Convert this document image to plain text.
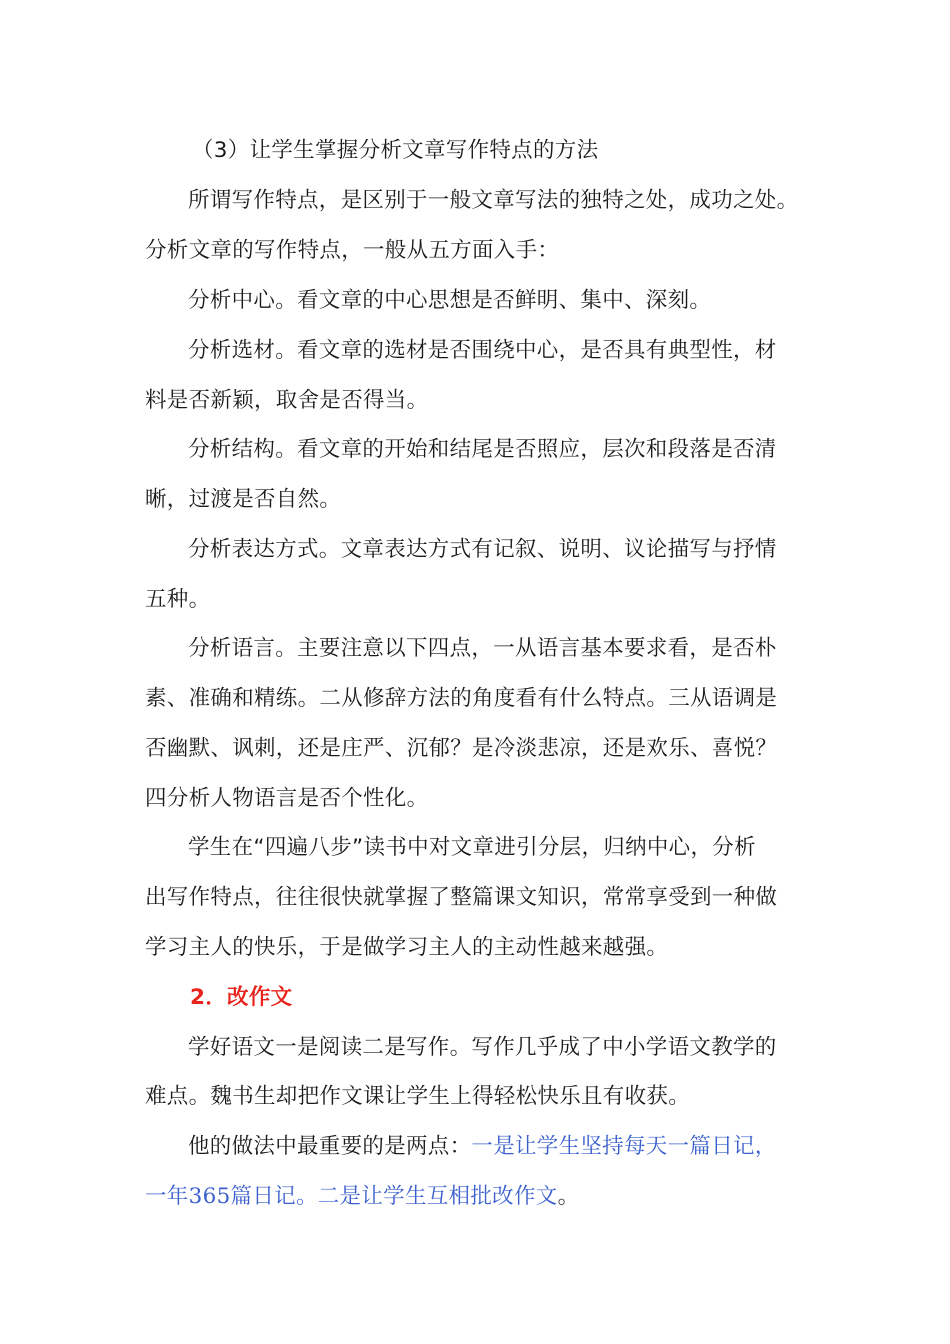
（3）让学生掌握分析文章写作特点的方法
所谓写作特点，是区别于一般文章写法的独特之处，成功之处。
分析文章的写作特点，一般从五方面入手：
分析中心。看文章的中心思想是否鲜明、集中、深刻。
分析选材。看文章的选材是否围绕中心，是否具有典型性，材
料是否新颖，取舍是否得当。
分析结构。看文章的开始和结尾是否照应，层次和段落是否清
晰，过渡是否自然。
分析表达方式。文章表达方式有记叙、说明、议论描写与抒情
五种。
分析语言。主要注意以下四点，一从语言基本要求看，是否朴
素、准确和精练。二从修辞方法的角度看有什么特点。三从语调是
否幽默、讽刺，还是庄严、沉郁？是冷淡悲凉，还是欢乐、喜悦？
四分析人物语言是否个性化。
学生在“四遍八步”读书中对文章进引分层，归纳中心，分析
出写作特点，往往很快就掌握了整篇课文知识，常常享受到一种做
学习主人的快乐，于是做学习主人的主动性越来越强。
2．改作文
学好语文一是阅读二是写作。写作几乎成了中小学语文教学的
难点。魏书生却把作文课让学生上得轻松快乐且有收获。
他的做法中最重要的是两点：一是让学生坚持每天一篇日记，
一年365篇日记。二是让学生互相批改作文。
